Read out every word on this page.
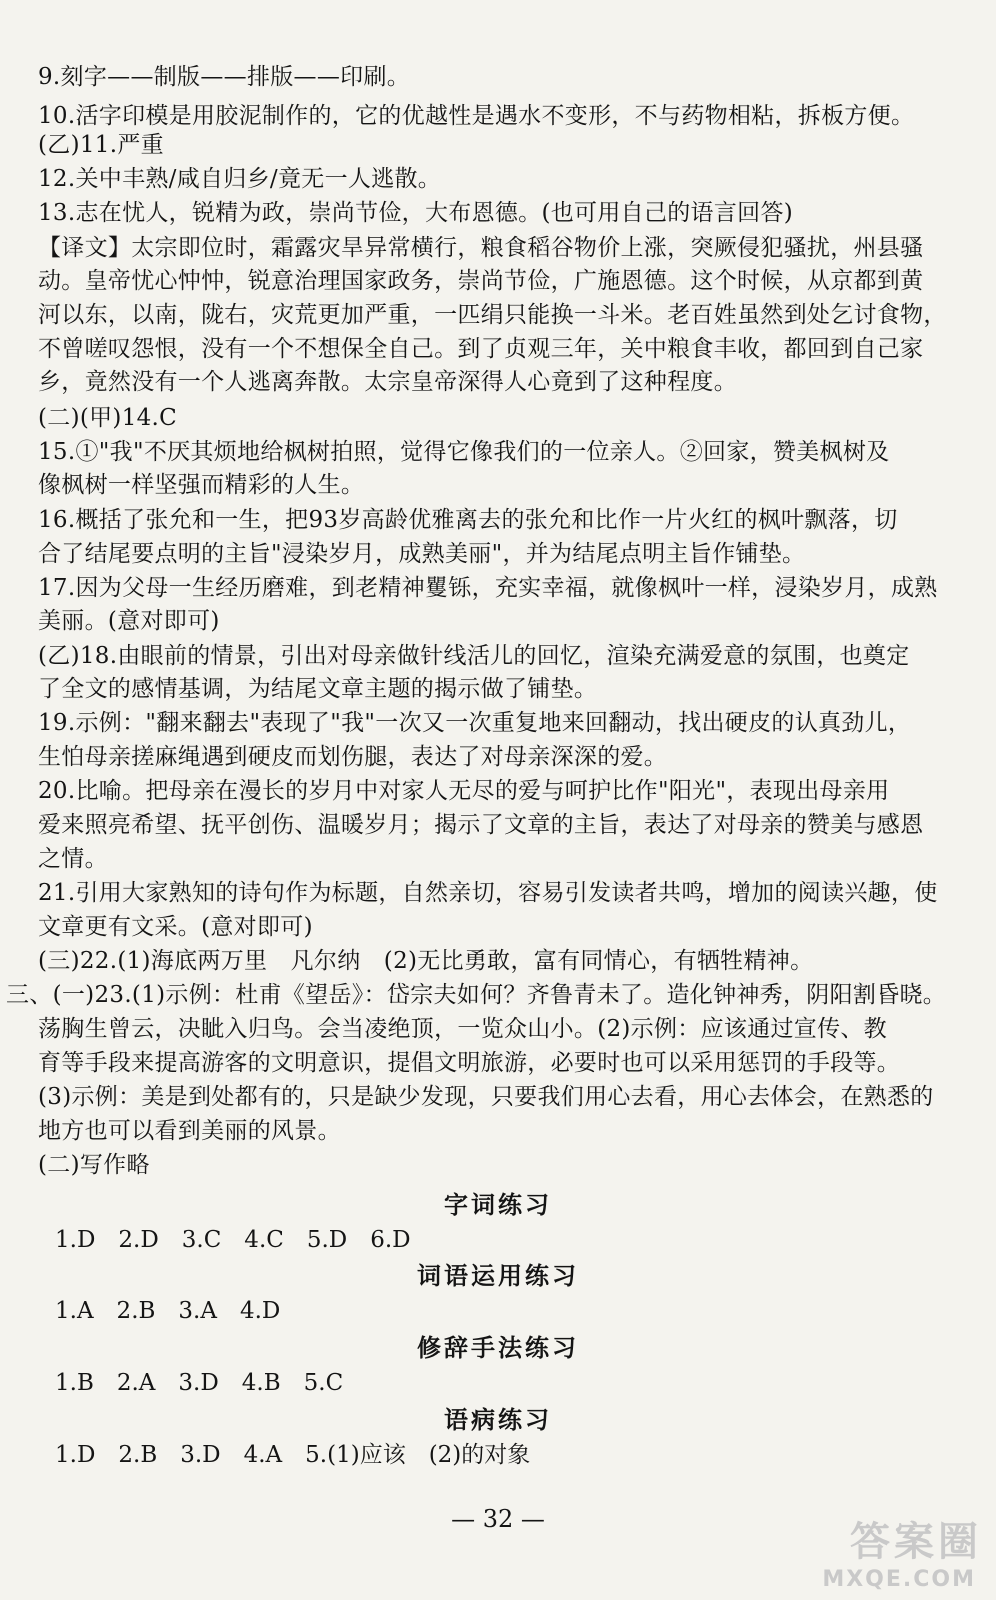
9.刻字——制版——排版——印刷。
10.活字印模是用胶泥制作的，它的优越性是遇水不变形，不与药物相粘，拆板方便。
(乙)11.严重
12.关中丰熟/咸自归乡/竟无一人逃散。
13.志在忧人，锐精为政，崇尚节俭，大布恩德。(也可用自己的语言回答)
【译文】太宗即位时，霜露灾旱异常横行，粮食稻谷物价上涨，突厥侵犯骚扰，州县骚
动。皇帝忧心忡忡，锐意治理国家政务，崇尚节俭，广施恩德。这个时候，从京都到黄
河以东，以南，陇右，灾荒更加严重，一匹绢只能换一斗米。老百姓虽然到处乞讨食物，
不曾嗟叹怨恨，没有一个不想保全自己。到了贞观三年，关中粮食丰收，都回到自己家
乡，竟然没有一个人逃离奔散。太宗皇帝深得人心竟到了这种程度。
(二)(甲)14.C
15.①"我"不厌其烦地给枫树拍照，觉得它像我们的一位亲人。②回家，赞美枫树及
像枫树一样坚强而精彩的人生。
16.概括了张允和一生，把93岁高龄优雅离去的张允和比作一片火红的枫叶飘落，切
合了结尾要点明的主旨"浸染岁月，成熟美丽"，并为结尾点明主旨作铺垫。
17.因为父母一生经历磨难，到老精神矍铄，充实幸福，就像枫叶一样，浸染岁月，成熟
美丽。(意对即可)
(乙)18.由眼前的情景，引出对母亲做针线活儿的回忆，渲染充满爱意的氛围，也奠定
了全文的感情基调，为结尾文章主题的揭示做了铺垫。
19.示例："翻来翻去"表现了"我"一次又一次重复地来回翻动，找出硬皮的认真劲儿，
生怕母亲搓麻绳遇到硬皮而划伤腿，表达了对母亲深深的爱。
20.比喻。把母亲在漫长的岁月中对家人无尽的爱与呵护比作"阳光"，表现出母亲用
爱来照亮希望、抚平创伤、温暖岁月；揭示了文章的主旨，表达了对母亲的赞美与感恩
之情。
21.引用大家熟知的诗句作为标题，自然亲切，容易引发读者共鸣，增加的阅读兴趣，使
文章更有文采。(意对即可)
(三)22.(1)海底两万里　凡尔纳　(2)无比勇敢，富有同情心，有牺牲精神。
三、(一)23.(1)示例：杜甫《望岳》：岱宗夫如何？齐鲁青未了。造化钟神秀，阴阳割昏晓。
荡胸生曾云，决眦入归鸟。会当凌绝顶，一览众山小。(2)示例：应该通过宣传、教
育等手段来提高游客的文明意识，提倡文明旅游，必要时也可以采用惩罚的手段等。
(3)示例：美是到处都有的，只是缺少发现，只要我们用心去看，用心去体会，在熟悉的
地方也可以看到美丽的风景。
(二)写作略
字词练习
1.D　2.D　3.C　4.C　5.D　6.D
词语运用练习
1.A　2.B　3.A　4.D
修辞手法练习
1.B　2.A　3.D　4.B　5.C
语病练习
1.D　2.B　3.D　4.A　5.(1)应该　(2)的对象
— 32 —	答案圈
MXQE.COM
